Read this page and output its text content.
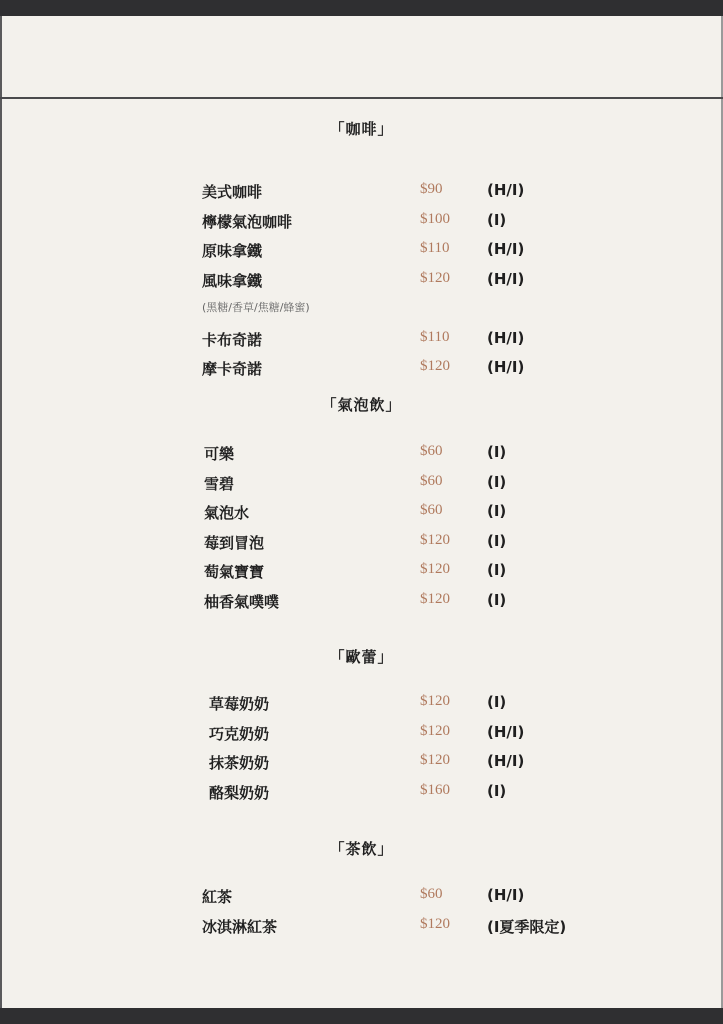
「咖啡」
美式咖啡	$90	(H/I)
檸檬氣泡咖啡	$100 (I)
原味拿鐵	$110	(H/I)
風味拿鐵	$120 (H/I)
(黑糖/香草/焦糖/蜂蜜)
卡布奇諾	$110	(H/I)
摩卡奇諾	$120 (H/I)
「氣泡飲」
可樂	$60	(I)
雪碧	$60	(I)
氣泡水	$60	(I)
莓到冒泡	$120 (I)
萄氣寶寶	$120 (I)
柚香氣噗噗	$120 (I)
「歐蕾」
草莓奶奶	$120 (I)
巧克奶奶	$120 (H/I)
抹茶奶奶	$120 (H/I)
酪梨奶奶	$160 (I)
「茶飲」
紅茶	$60	(H/I)
冰淇淋紅茶	$120 (I夏季限定)
